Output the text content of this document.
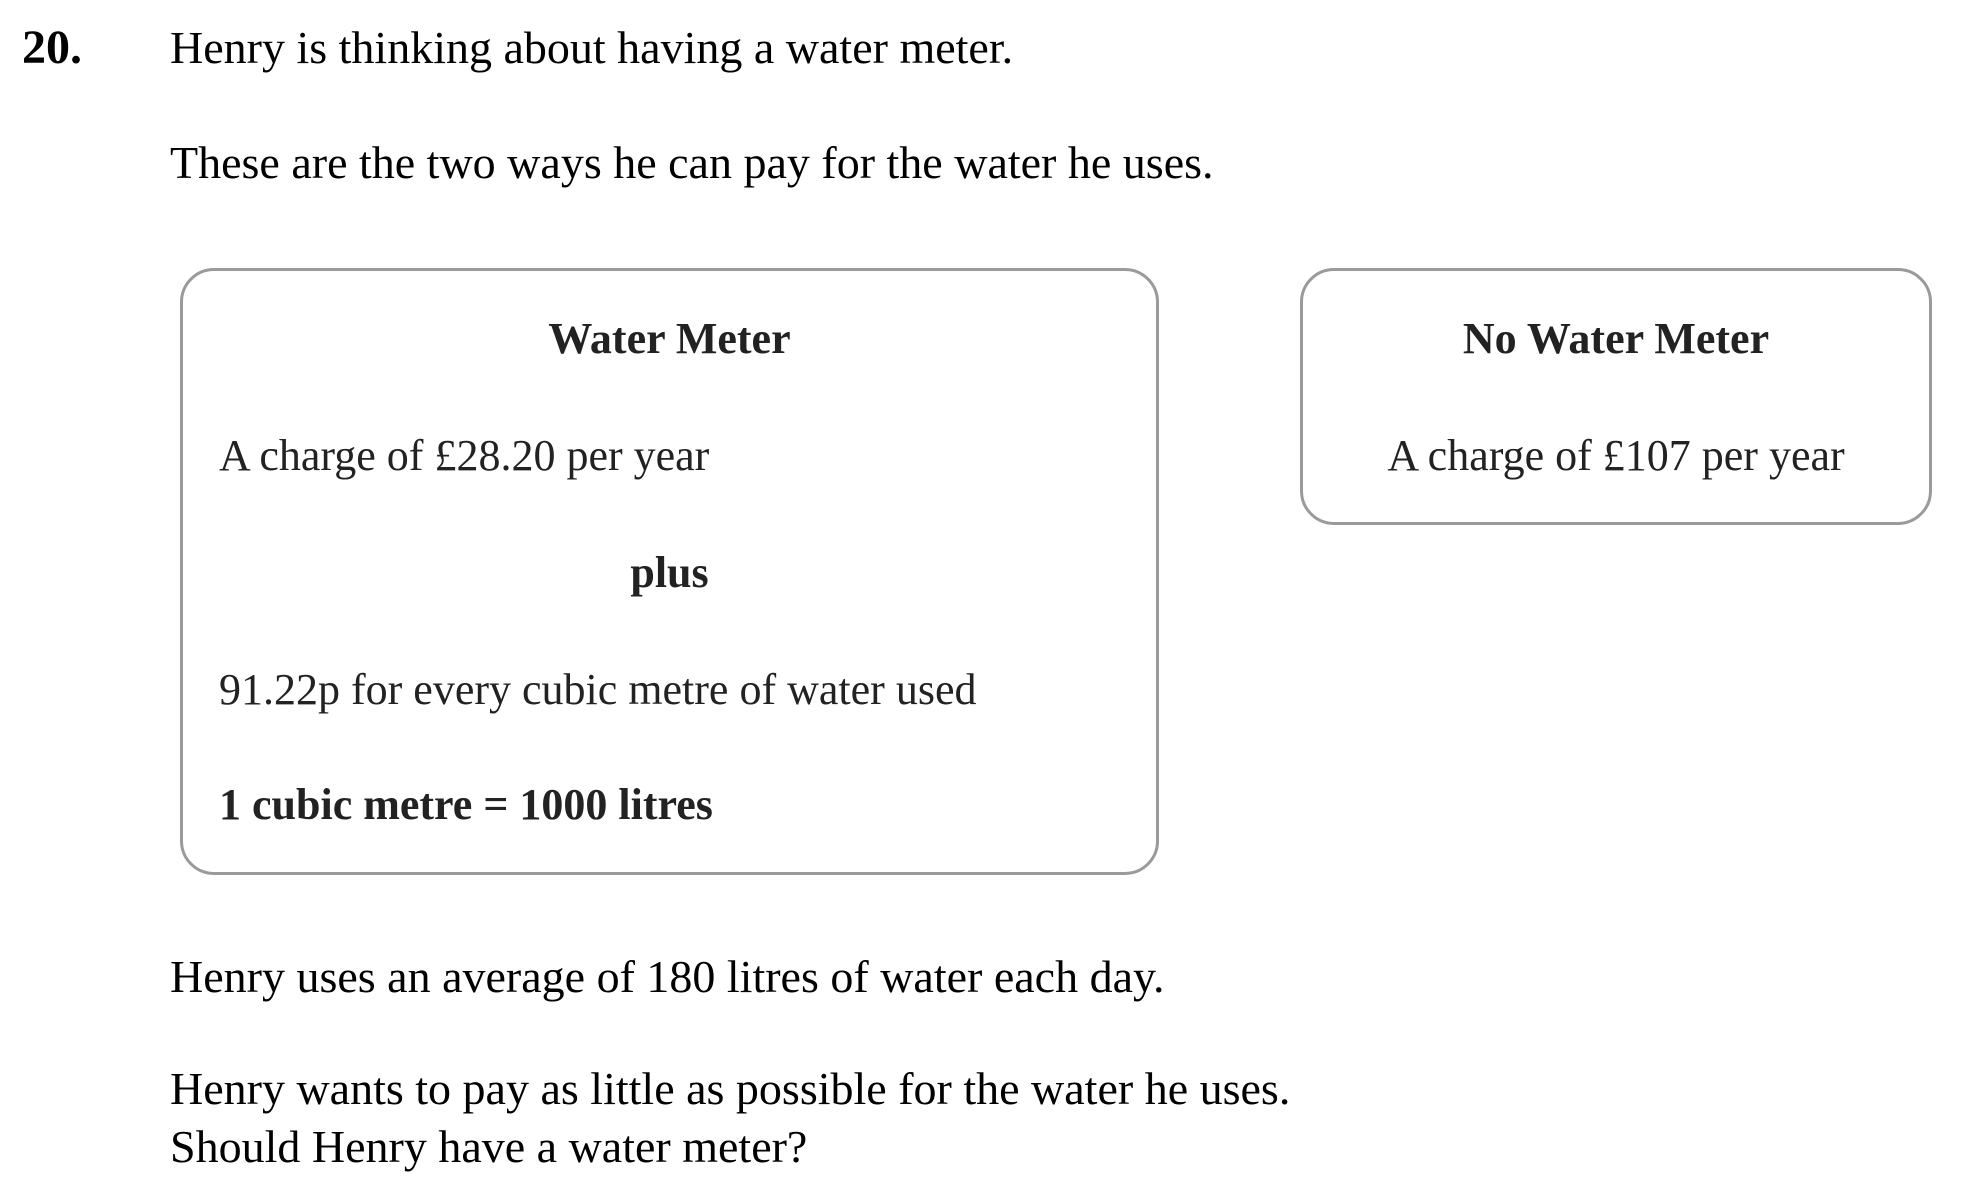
20. Henry is thinking about having a water meter.
These are the two ways he can pay for the water he uses.
Water Meter
A charge of £28.20 per year
plus
91.22p for every cubic metre of water used
1 cubic metre = 1000 litres
No Water Meter
A charge of £107 per year
Henry uses an average of 180 litres of water each day.
Henry wants to pay as little as possible for the water he uses.
Should Henry have a water meter?
